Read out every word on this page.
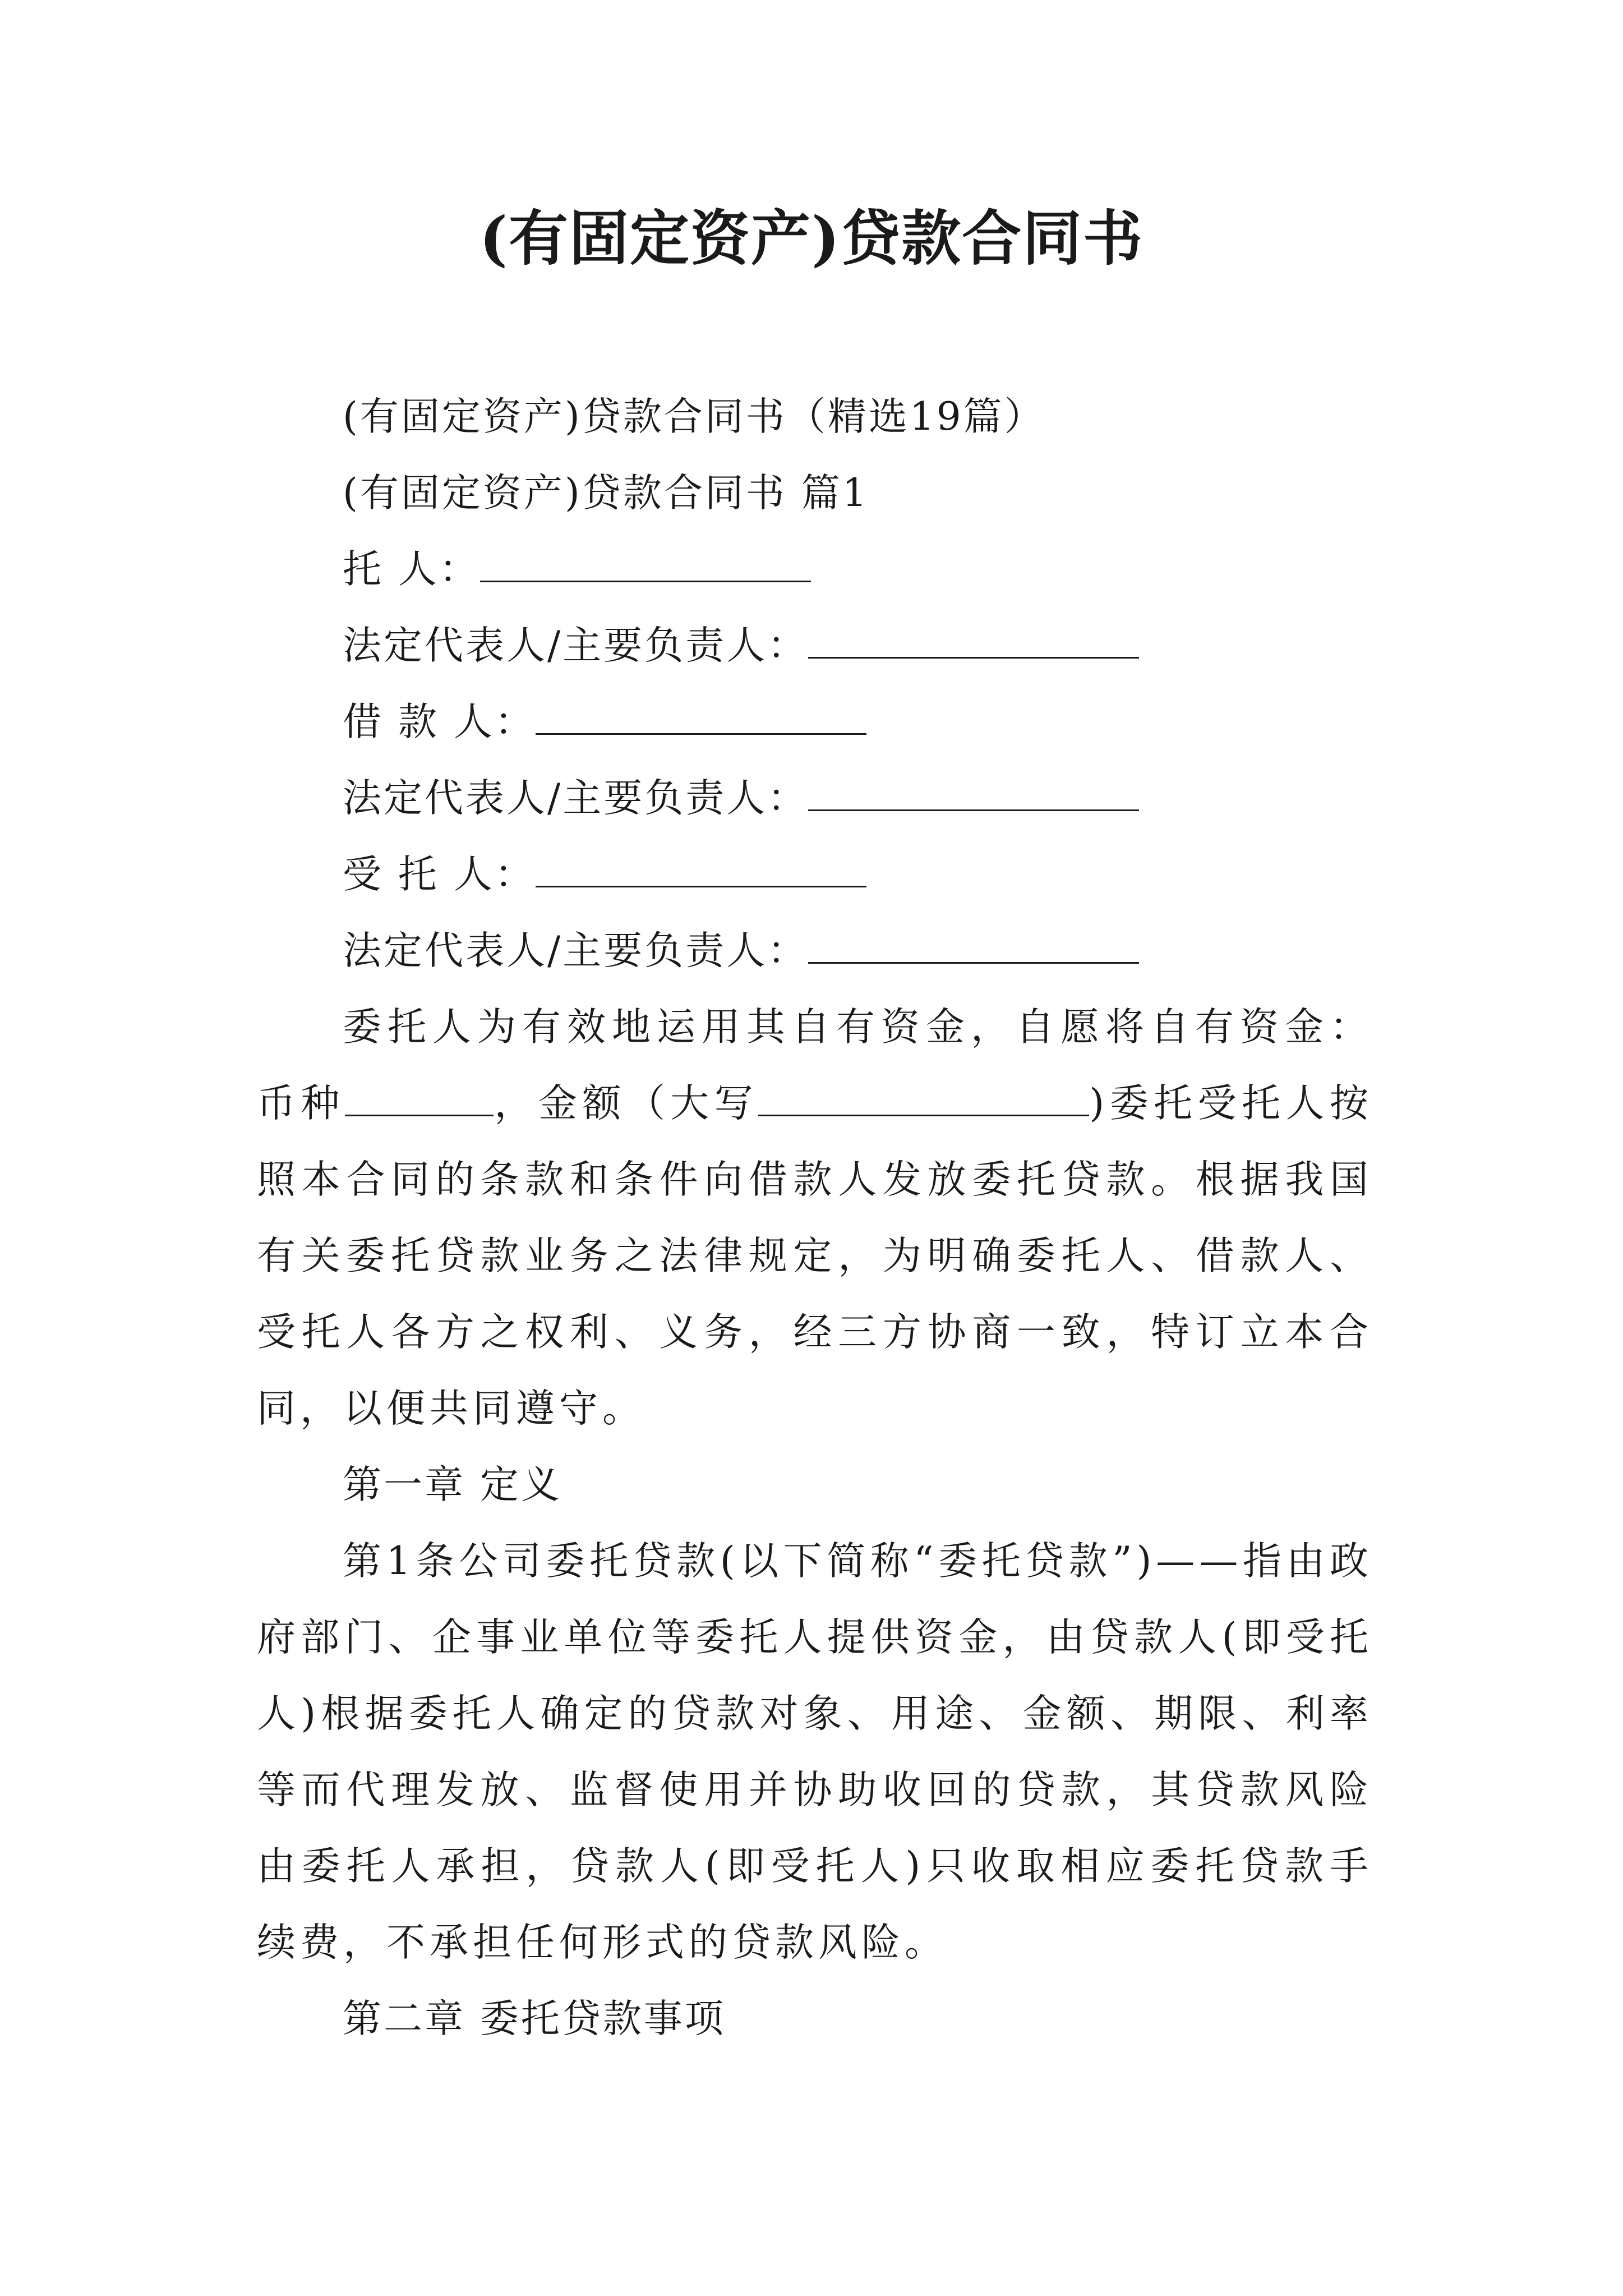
(有固定资产)贷款合同书
(有固定资产)贷款合同书（精选19篇）
(有固定资产)贷款合同书 篇1
托 人：
法定代表人/主要负责人：
借 款 人：
法定代表人/主要负责人：
受 托 人：
法定代表人/主要负责人：

委托人为有效地运用其自有资金，自愿将自有资金：币种	，金额（大写	)委托受托人按照本合同的条款和条件向借款人发放委托贷款。根据我国有关委托贷款业务之法律规定，为明确委托人、借款人、受托人各方之权利、义务，经三方协商一致，特订立本合同，以便共同遵守。

第一章 定义

第1条公司委托贷款(以下简称“委托贷款”)——指由政府部门、企事业单位等委托人提供资金，由贷款人(即受托人)根据委托人确定的贷款对象、用途、金额、期限、利率等而代理发放、监督使用并协助收回的贷款，其贷款风险由委托人承担，贷款人(即受托人)只收取相应委托贷款手续费，不承担任何形式的贷款风险。

第二章 委托贷款事项
